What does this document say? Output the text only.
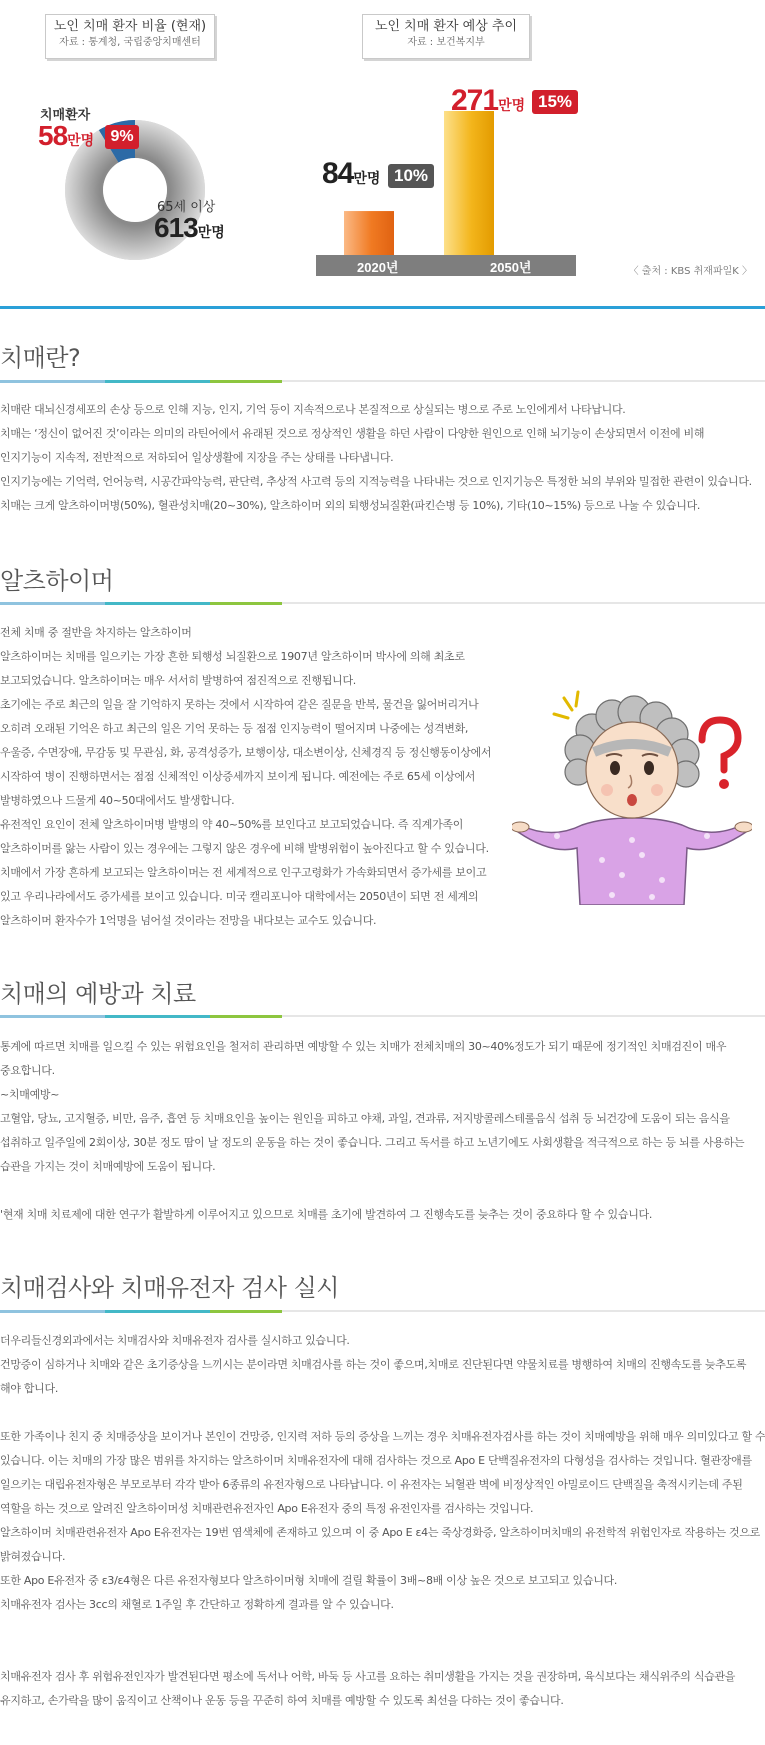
노인 치매 환자 비율 (현재)
자료 : 통계청, 국립중앙치매센터
노인 치매 환자 예상 추이
자료 : 보건복지부
치매환자
58만명	9%
65세 이상
613만명
84만명 10%
271만명 15%
2020년	2050년	〈 출처 : KBS 취재파일K 〉
치매란?
치매란 대뇌신경세포의 손상 등으로 인해 지능, 인지, 기억 등이 지속적으로나 본질적으로 상실되는 병으로 주로 노인에게서 나타납니다.
치매는 ‘정신이 없어진 것’이라는 의미의 라틴어에서 유래된 것으로 정상적인 생활을 하던 사람이 다양한 원인으로 인해 뇌기능이 손상되면서 이전에 비해
인지기능이 지속적, 전반적으로 저하되어 일상생활에 지장을 주는 상태를 나타냅니다.
인지기능에는 기억력, 언어능력, 시공간파악능력, 판단력, 추상적 사고력 등의 지적능력을 나타내는 것으로 인지기능은 특정한 뇌의 부위와 밀접한 관련이 있습니다.
치매는 크게 알츠하이머병(50%), 혈관성치매(20~30%), 알츠하이머 외의 퇴행성뇌질환(파킨슨병 등 10%), 기타(10~15%) 등으로 나눌 수 있습니다.
알츠하이머
전체 치매 중 절반을 차지하는 알츠하이머
알츠하이머는 치매를 일으키는 가장 흔한 퇴행성 뇌질환으로 1907년 알츠하이머 박사에 의해 최초로
보고되었습니다. 알츠하이머는 매우 서서히 발병하여 점진적으로 진행됩니다.
초기에는 주로 최근의 일을 잘 기억하지 못하는 것에서 시작하여 같은 질문을 반복, 물건을 잃어버리거나
오히려 오래된 기억은 하고 최근의 일은 기억 못하는 등 점점 인지능력이 떨어지며 나중에는 성격변화,
우울증, 수면장애, 무감동 및 무관심, 화, 공격성증가, 보행이상, 대소변이상, 신체경직 등 정신행동이상에서
시작하여 병이 진행하면서는 점점 신체적인 이상증세까지 보이게 됩니다. 예전에는 주로 65세 이상에서
발병하였으나 드물게 40~50대에서도 발생합니다.
유전적인 요인이 전체 알츠하이머병 발병의 약 40~50%를 보인다고 보고되었습니다. 즉 직계가족이
알츠하이머를 앓는 사람이 있는 경우에는 그렇지 않은 경우에 비해 발병위험이 높아진다고 할 수 있습니다.
치매에서 가장 흔하게 보고되는 알츠하이머는 전 세계적으로 인구고령화가 가속화되면서 증가세를 보이고
있고 우리나라에서도 증가세를 보이고 있습니다. 미국 캘리포니아 대학에서는 2050년이 되면 전 세계의
알츠하이머 환자수가 1억명을 넘어설 것이라는 전망을 내다보는 교수도 있습니다.
치매의 예방과 치료
통계에 따르면 치매를 일으킬 수 있는 위험요인을 철저히 관리하면 예방할 수 있는 치매가 전체치매의 30~40%정도가 되기 때문에 정기적인 치매검진이 매우
중요합니다.
~치매예방~
고혈압, 당뇨, 고지혈증, 비만, 음주, 흡연 등 치매요인을 높이는 원인을 피하고 야채, 과일, 견과류, 저지방콜레스테롤음식 섭취 등 뇌건강에 도움이 되는 음식을
섭취하고 일주일에 2회이상, 30분 정도 땀이 날 정도의 운동을 하는 것이 좋습니다. 그리고 독서를 하고 노년기에도 사회생활을 적극적으로 하는 등 뇌를 사용하는
습관을 가지는 것이 치매예방에 도움이 됩니다.
'현재 치매 치료제에 대한 연구가 활발하게 이루어지고 있으므로 치매를 초기에 발견하여 그 진행속도를 늦추는 것이 중요하다 할 수 있습니다.
치매검사와 치매유전자 검사 실시
더우리들신경외과에서는 치매검사와 치매유전자 검사를 실시하고 있습니다.
건망증이 심하거나 치매와 같은 초기증상을 느끼시는 분이라면 치매검사를 하는 것이 좋으며,치매로 진단된다면 약물치료를 병행하여 치매의 진행속도를 늦추도록
해야 합니다.
또한 가족이나 친지 중 치매증상을 보이거나 본인이 건망증, 인지력 저하 등의 증상을 느끼는 경우 치매유전자검사를 하는 것이 치매예방을 위해 매우 의미있다고 할 수
있습니다. 이는 치매의 가장 많은 범위를 차지하는 알츠하이머 치매유전자에 대해 검사하는 것으로 Apo E 단백질유전자의 다형성을 검사하는 것입니다. 혈관장애를
일으키는 대립유전자형은 부모로부터 각각 받아 6종류의 유전자형으로 나타납니다. 이 유전자는 뇌혈관 벽에 비정상적인 아밀로이드 단백질을 축적시키는데 주된
역할을 하는 것으로 알려진 알츠하이머성 치매관련유전자인 Apo E유전자 중의 특정 유전인자를 검사하는 것입니다.
알츠하이머 치매관련유전자 Apo E유전자는 19번 염색체에 존재하고 있으며 이 중 Apo E ε4는 죽상경화증, 알츠하이머치매의 유전학적 위험인자로 작용하는 것으로
밝혀졌습니다.
또한 Apo E유전자 중 ε3/ε4형은 다른 유전자형보다 알츠하이머형 치매에 걸릴 확률이 3배~8배 이상 높은 것으로 보고되고 있습니다.
치매유전자 검사는 3cc의 채혈로 1주일 후 간단하고 정확하게 결과를 알 수 있습니다.
치매유전자 검사 후 위험유전인자가 발견된다면 평소에 독서나 어학, 바둑 등 사고를 요하는 취미생활을 가지는 것을 권장하며, 육식보다는 채식위주의 식습관을
유지하고, 손가락을 많이 움직이고 산책이나 운동 등을 꾸준히 하여 치매를 예방할 수 있도록 최선을 다하는 것이 좋습니다.
